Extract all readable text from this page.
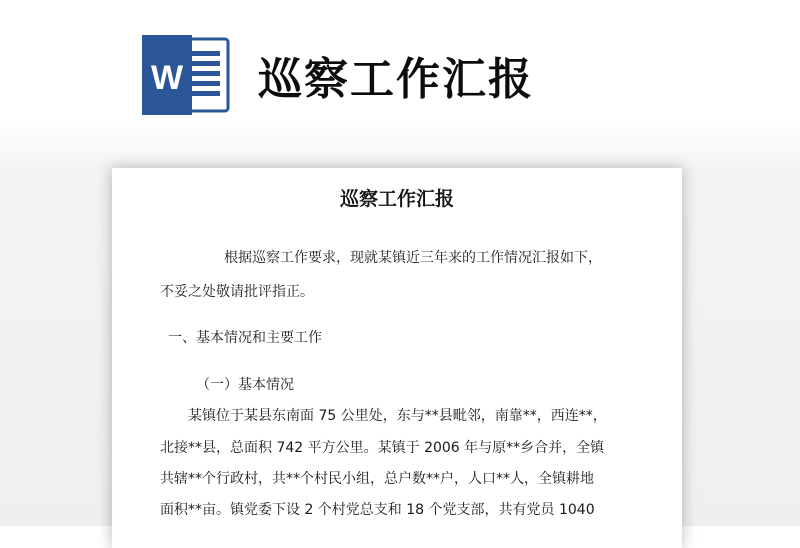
W 巡察工作汇报
巡察工作汇报
根据巡察工作要求，现就某镇近三年来的工作情况汇报如下，
不妥之处敬请批评指正。
一、基本情况和主要工作
（一）基本情况
某镇位于某县东南面 75 公里处，东与**县毗邻，南靠**，西连**，
北接**县，总面积 742 平方公里。某镇于 2006 年与原**乡合并，全镇
共辖**个行政村，共**个村民小组，总户数**户，人口**人，全镇耕地
面积**亩。镇党委下设 2 个村党总支和 18 个党支部，共有党员 1040
